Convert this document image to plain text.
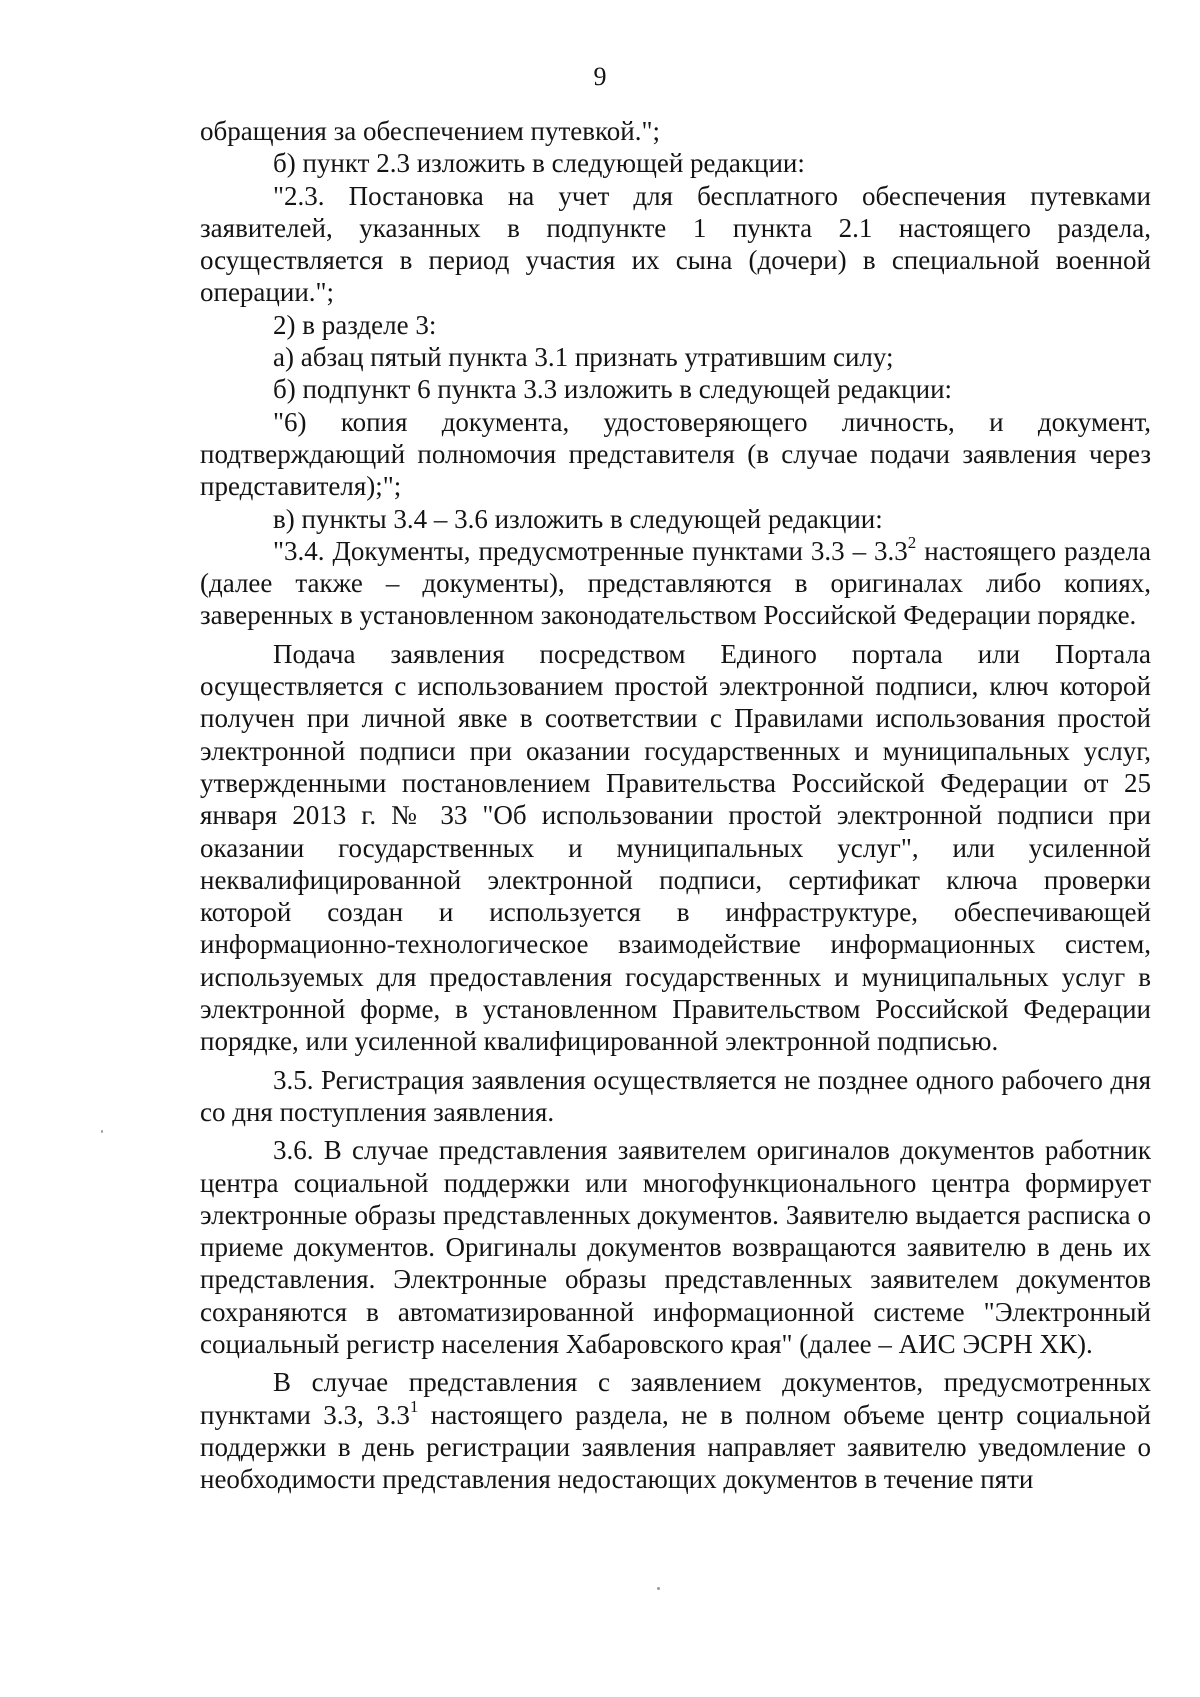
9

обращения за обеспечением путевкой.";

б) пункт 2.3 изложить в следующей редакции:

"2.3. Постановка на учет для бесплатного обеспечения путевками заявителей, указанных в подпункте 1 пункта 2.1 настоящего раздела, осуществляется в период участия их сына (дочери) в специальной военной операции.";

2) в разделе 3:

а) абзац пятый пункта 3.1 признать утратившим силу;

б) подпункт 6 пункта 3.3 изложить в следующей редакции:

"6) копия документа, удостоверяющего личность, и документ, подтверждающий полномочия представителя (в случае подачи заявления через представителя);";

в) пункты 3.4 – 3.6 изложить в следующей редакции:

"3.4. Документы, предусмотренные пунктами $3.3 - 3.3^2$ настоящего раздела (далее также – документы), представляются в оригиналах либо копиях, заверенных в установленном законодательством Российской Федерации порядке.

Подача заявления посредством Единого портала или Портала осуществляется с использованием простой электронной подписи, ключ которой получен при личной явке в соответствии с Правилами использования простой электронной подписи при оказании государственных и муниципальных услуг, утвержденными постановлением Правительства Российской Федерации от 25 января 2013 г. № 33 "Об использовании простой электронной подписи при оказании государственных и муниципальных услуг", или усиленной неквалифицированной электронной подписи, сертификат ключа проверки которой создан и используется в инфраструктуре, обеспечивающей информационно-технологическое взаимодействие информационных систем, используемых для предоставления государственных и муниципальных услуг в электронной форме, в установленном Правительством Российской Федерации порядке, или усиленной квалифицированной электронной подписью.

3.5. Регистрация заявления осуществляется не позднее одного рабочего дня со дня поступления заявления.

3.6. В случае представления заявителем оригиналов документов работник центра социальной поддержки или многофункционального центра формирует электронные образы представленных документов. Заявителю выдается расписка о приеме документов. Оригиналы документов возвращаются заявителю в день их представления. Электронные образы представленных заявителем документов сохраняются в автоматизированной информационной системе "Электронный социальный регистр населения Хабаровского края" (далее – АИС ЭСРН ХК).

В случае представления с заявлением документов, предусмотренных пунктами 3.3, $3.3^1$ настоящего раздела, не в полном объеме центр социальной поддержки в день регистрации заявления направляет заявителю уведомление о необходимости представления недостающих документов в течение пяти
